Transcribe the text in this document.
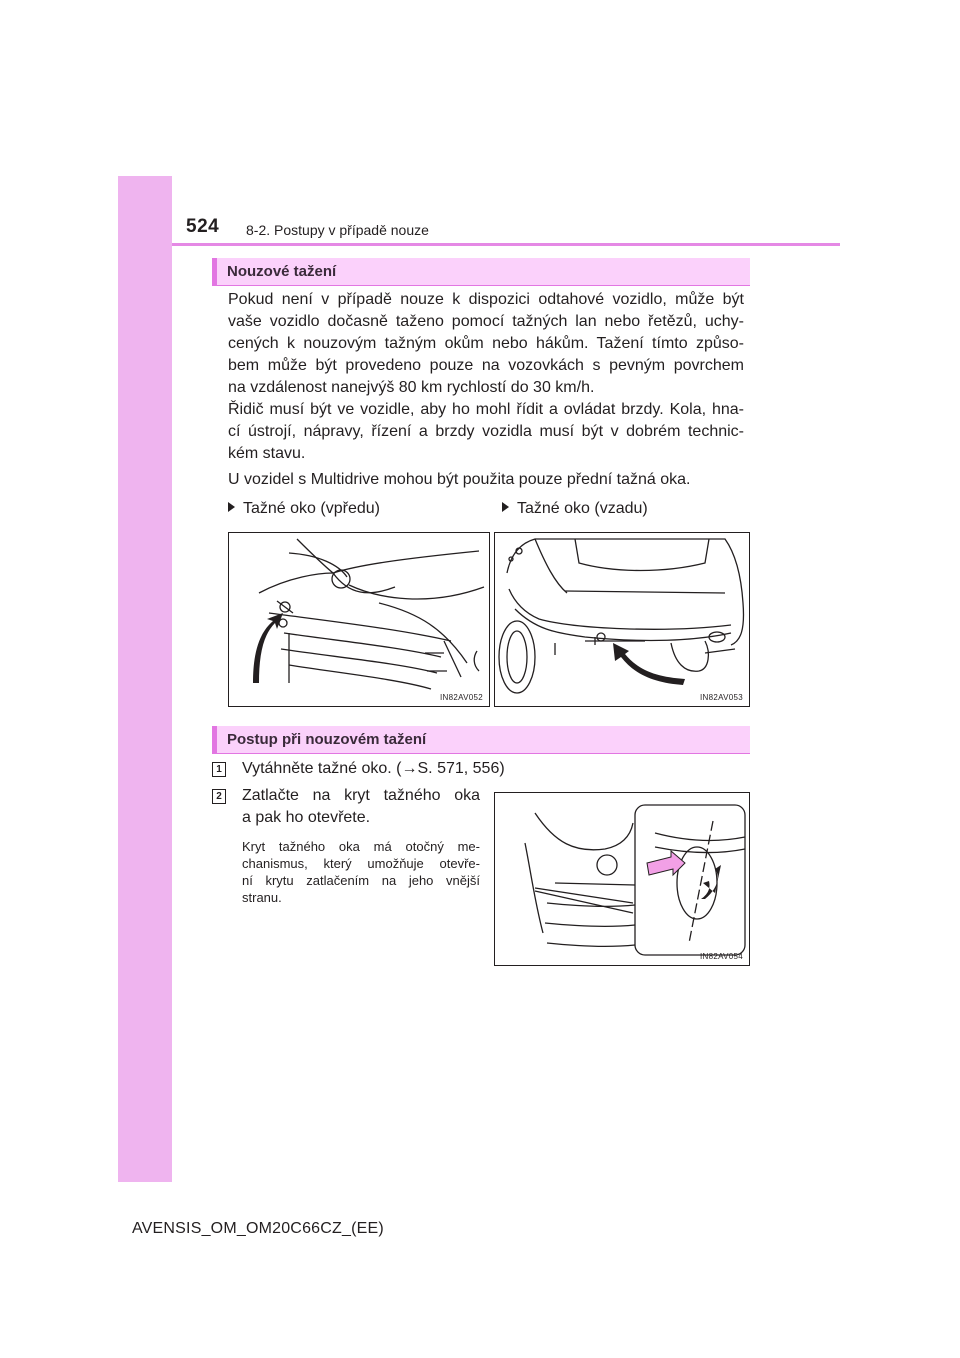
524 8-2. Postupy v případě nouze
Nouzové tažení
Pokud není v případě nouze k dispozici odtahové vozidlo, může být
vaše vozidlo dočasně taženo pomocí tažných lan nebo řetězů, uchy-
cených k nouzovým tažným okům nebo hákům. Tažení tímto způso-
bem může být provedeno pouze na vozovkách s pevným povrchem
na vzdálenost nanejvýš 80 km rychlostí do 30 km/h.
Řidič musí být ve vozidle, aby ho mohl řídit a ovládat brzdy. Kola, hna-
cí ústrojí, nápravy, řízení a brzdy vozidla musí být v dobrém technic-
kém stavu.
U vozidel s Multidrive mohou být použita pouze přední tažná oka.
Tažné oko (vpředu)	Tažné oko (vzadu)
IN82AV052	IN82AV053
Postup při nouzovém tažení
1 Vytáhněte tažné oko. (→S. 571, 556)
2 Zatlačte na kryt tažného oka
a pak ho otevřete.
Kryt tažného oka má otočný me-
chanismus, který umožňuje otevře-
ní krytu zatlačením na jeho vnější
stranu.
IN82AV054
AVENSIS_OM_OM20C66CZ_(EE)
